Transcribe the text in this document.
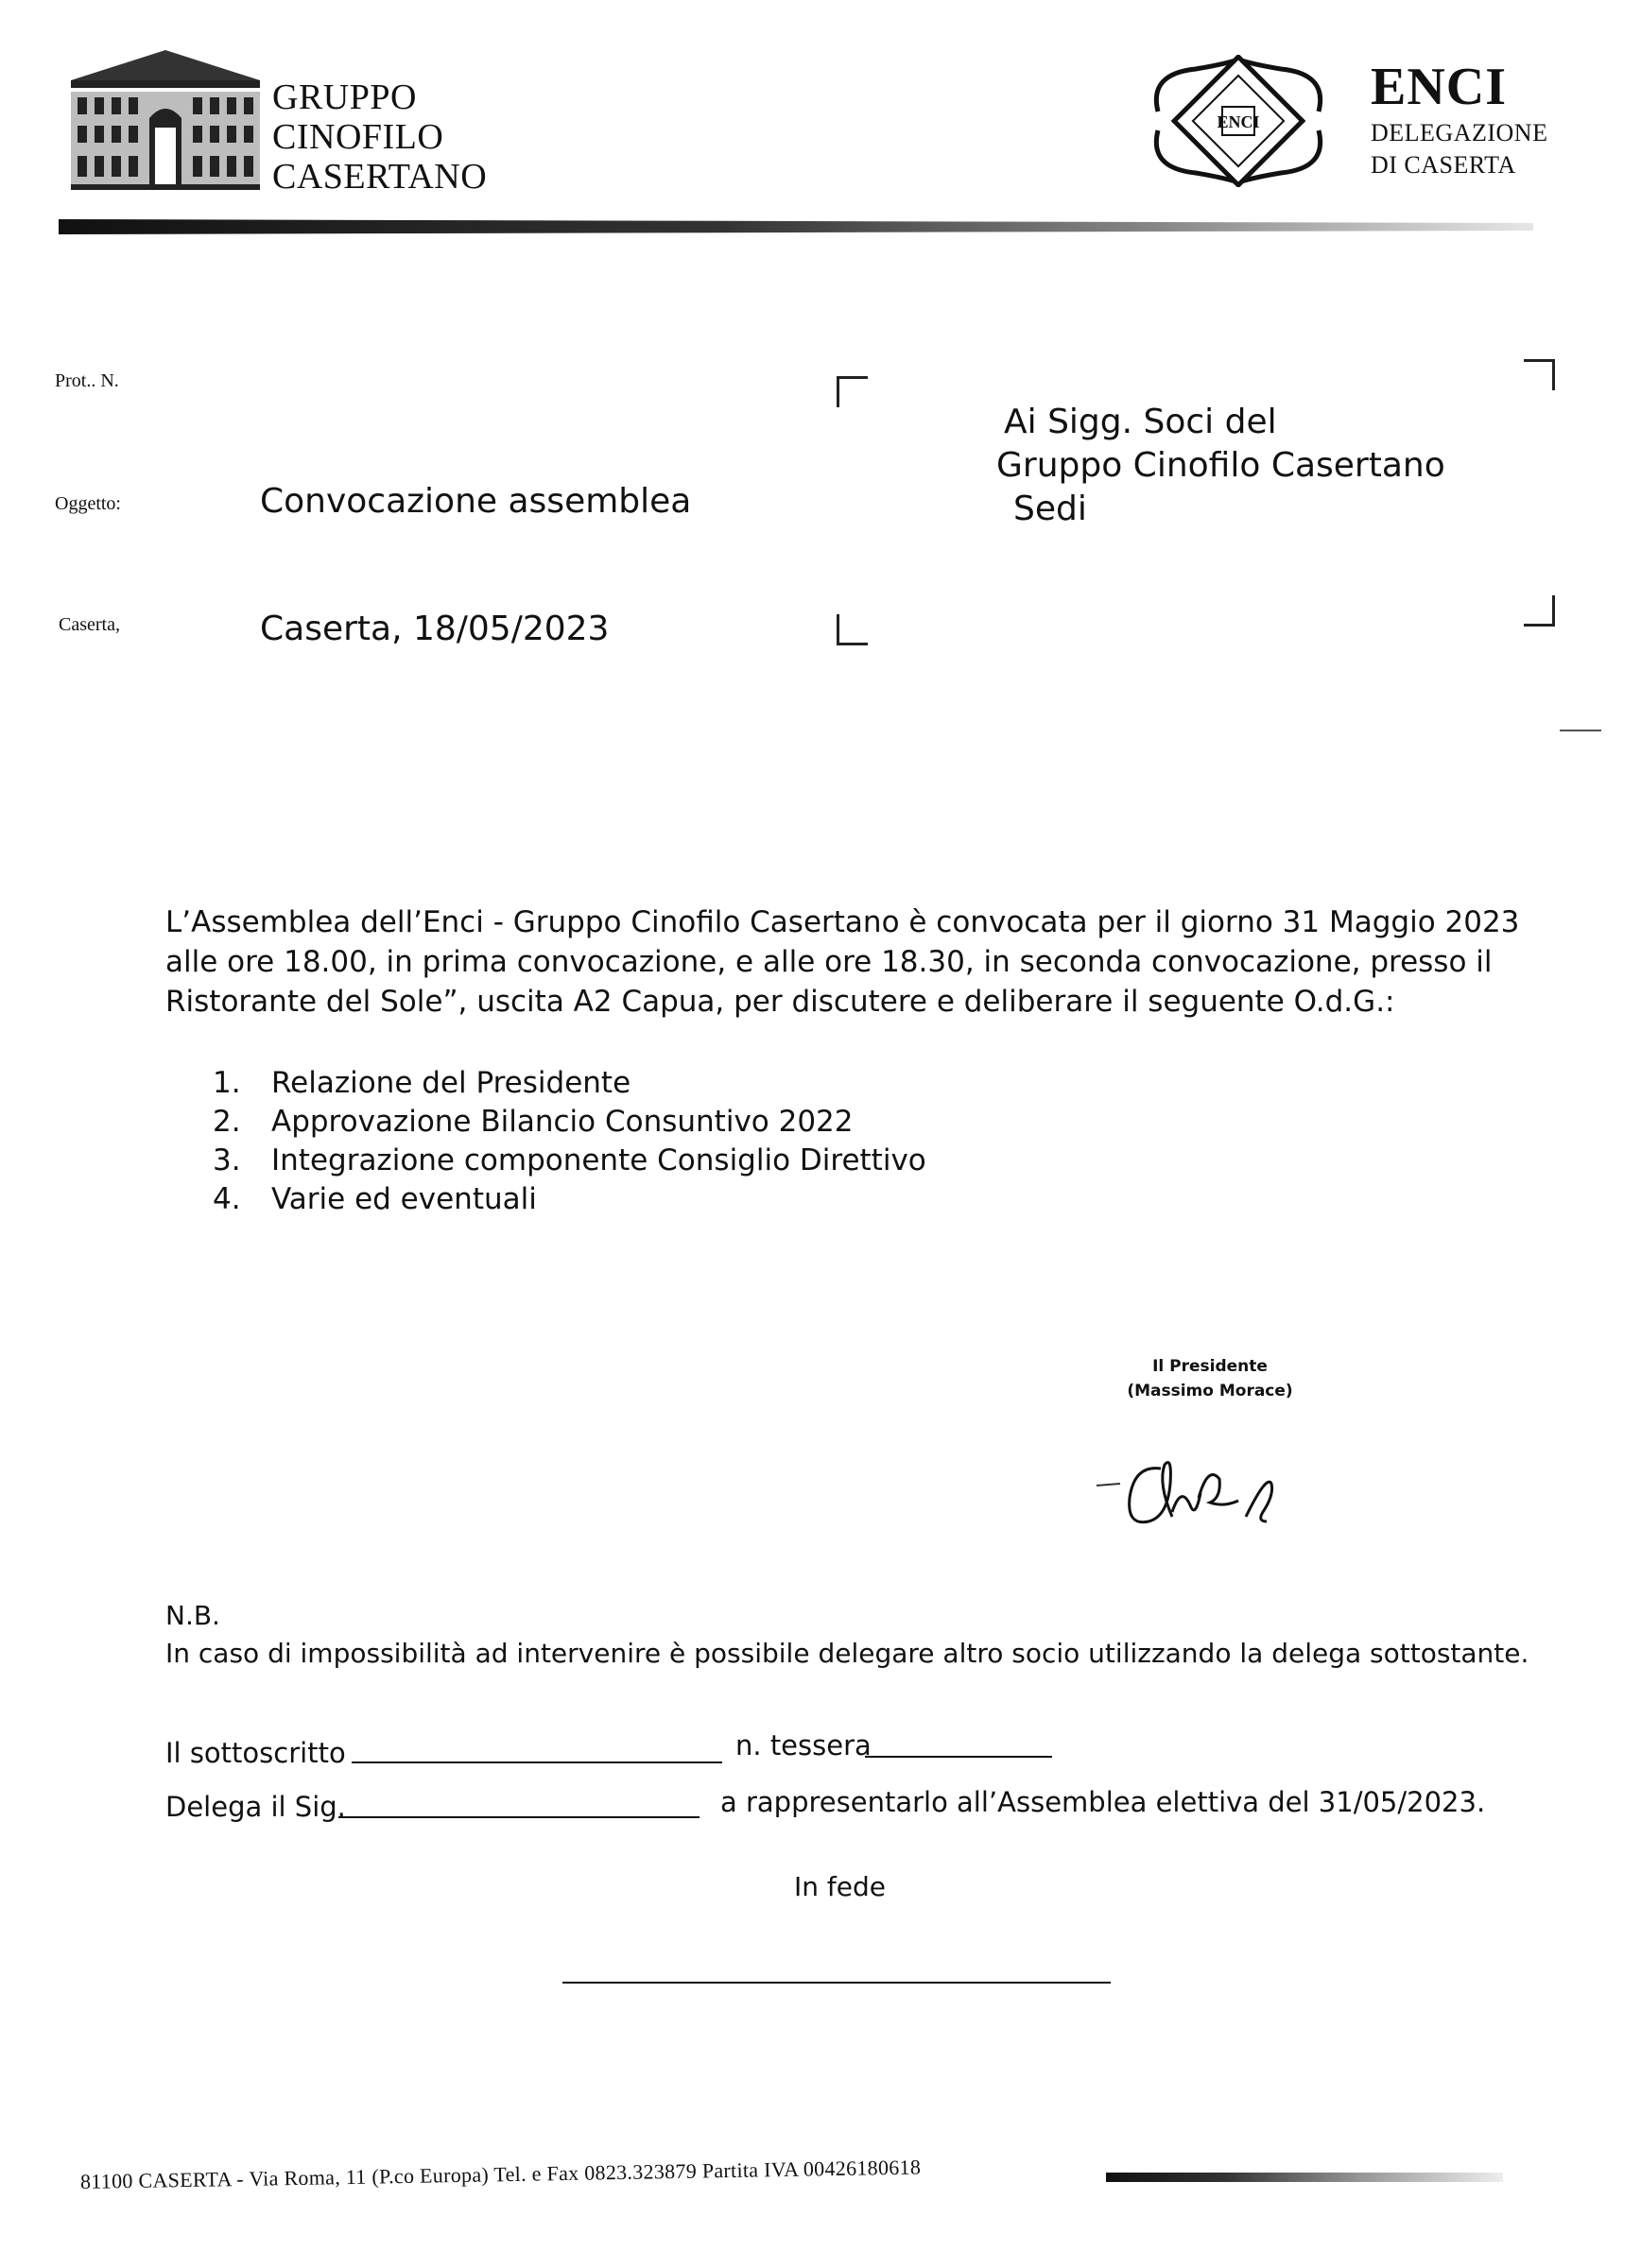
GRUPPO
CINOFILO
CASERTANO
ENCI
ENCI
DELEGAZIONE
DI CASERTA
Prot.. N.
Oggetto:	Convocazione assemblea
Caserta,	Caserta, 18/05/2023
Ai Sigg. Soci del
Gruppo Cinofilo Casertano
Sedi
L’Assemblea dell’Enci - Gruppo Cinofilo Casertano è convocata per il giorno 31 Maggio 2023
alle ore 18.00, in prima convocazione, e alle ore 18.30, in seconda convocazione, presso il
Ristorante del Sole”, uscita A2 Capua, per discutere e deliberare il seguente O.d.G.:
1. Relazione del Presidente
2. Approvazione Bilancio Consuntivo 2022
3. Integrazione componente Consiglio Direttivo
4. Varie ed eventuali
Il Presidente
(Massimo Morace)
N.B.
In caso di impossibilità ad intervenire è possibile delegare altro socio utilizzando la delega sottostante.
Il sottoscritto	n. tessera
Delega il Sig.	a rappresentarlo all’Assemblea elettiva del 31/05/2023.
In fede
81100 CASERTA - Via Roma, 11 (P.co Europa) Tel. e Fax 0823.323879 Partita IVA 00426180618
